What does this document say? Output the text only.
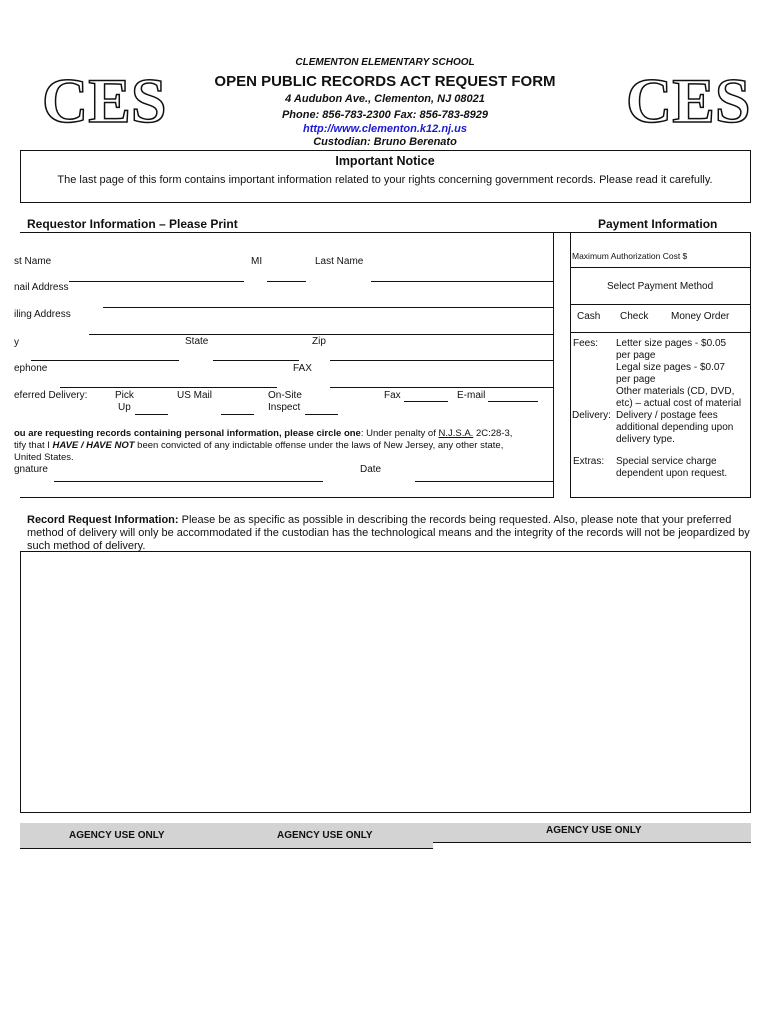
CLEMENTON ELEMENTARY SCHOOL
CES	CES
OPEN PUBLIC RECORDS ACT REQUEST FORM
4 Audubon Ave., Clementon, NJ 08021
Phone: 856-783-2300 Fax: 856-783-8929
http://www.clementon.k12.nj.us
Custodian: Bruno Berenato
Important Notice
The last page of this form contains important information related to your rights concerning government records. Please read it carefully.
Requestor Information – Please Print	Payment Information
st Name	MI	Last Name
nail Address
iling Address
y	State	Zip
ephone	FAX
eferred Delivery:	Pick
Up
US Mail	On-Site
Inspect
Fax	E-mail
ou are requesting records containing personal information, please circle one: Under penalty of N.J.S.A. 2C:28-3,
tify that I HAVE / HAVE NOT been convicted of any indictable offense under the laws of New Jersey, any other state,
United States.
gnature	Date
Maximum Authorization Cost $
Select Payment Method
Cash Check Money Order
Fees: Letter size pages - $0.05
per page
Legal size pages - $0.07
per page
Other materials (CD, DVD,
etc) – actual cost of material
Delivery: Delivery / postage fees
additional depending upon
delivery type.
Extras: Special service charge
dependent upon request.
Record Request Information: Please be as specific as possible in describing the records being requested. Also, please note that your preferred method of delivery will only be accommodated if the custodian has the technological means and the integrity of the records will not be jeopardized by such method of delivery.
AGENCY USE ONLY	AGENCY USE ONLY	AGENCY USE ONLY
